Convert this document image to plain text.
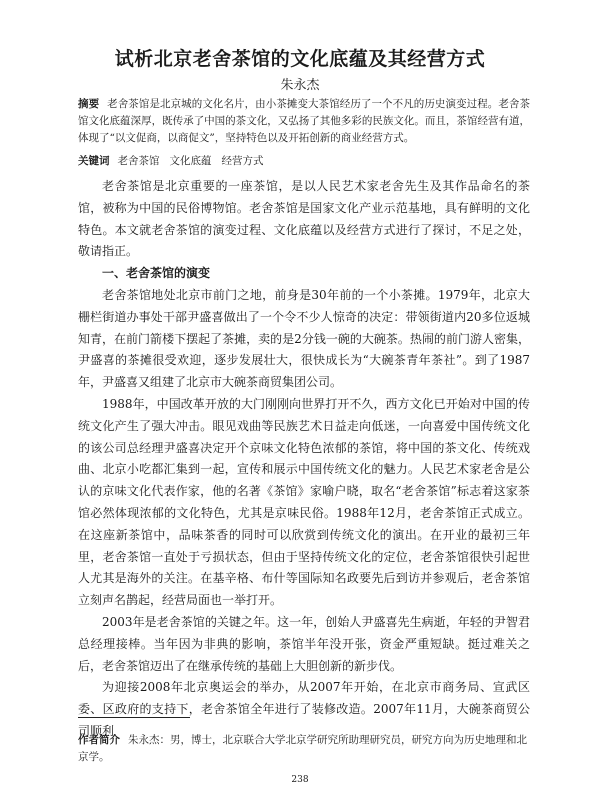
试析北京老舍茶馆的文化底蕴及其经营方式
朱永杰
摘要 老舍茶馆是北京城的文化名片，由小茶摊变大茶馆经历了一个不凡的历史演变过程。老舍茶馆文化底蕴深厚，既传承了中国的茶文化，又弘扬了其他多彩的民族文化。而且，茶馆经营有道，体现了“以文促商，以商促文”，坚持特色以及开拓创新的商业经营方式。
关键词 老舍茶馆 文化底蕴 经营方式

老舍茶馆是北京重要的一座茶馆，是以人民艺术家老舍先生及其作品命名的茶馆，被称为中国的民俗博物馆。老舍茶馆是国家文化产业示范基地，具有鲜明的文化特色。本文就老舍茶馆的演变过程、文化底蕴以及经营方式进行了探讨，不足之处，敬请指正。

一、老舍茶馆的演变

老舍茶馆地处北京市前门之地，前身是30年前的一个小茶摊。1979年，北京大栅栏街道办事处干部尹盛喜做出了一个令不少人惊奇的决定：带领街道内20多位返城知青，在前门箭楼下摆起了茶摊，卖的是2分钱一碗的大碗茶。热闹的前门游人密集，尹盛喜的茶摊很受欢迎，逐步发展壮大，很快成长为“大碗茶青年茶社”。到了1987年，尹盛喜又组建了北京市大碗茶商贸集团公司。

1988年，中国改革开放的大门刚刚向世界打开不久，西方文化已开始对中国的传统文化产生了强大冲击。眼见戏曲等民族艺术日益走向低迷，一向喜爱中国传统文化的该公司总经理尹盛喜决定开个京味文化特色浓郁的茶馆，将中国的茶文化、传统戏曲、北京小吃都汇集到一起，宣传和展示中国传统文化的魅力。人民艺术家老舍是公认的京味文化代表作家，他的名著《茶馆》家喻户晓，取名“老舍茶馆”标志着这家茶馆必然体现浓郁的文化特色，尤其是京味民俗。1988年12月，老舍茶馆正式成立。在这座新茶馆中，品味茶香的同时可以欣赏到传统文化的演出。在开业的最初三年里，老舍茶馆一直处于亏损状态，但由于坚持传统文化的定位，老舍茶馆很快引起世人尤其是海外的关注。在基辛格、布什等国际知名政要先后到访并参观后，老舍茶馆立刻声名鹊起，经营局面也一举打开。

2003年是老舍茶馆的关键之年。这一年，创始人尹盛喜先生病逝，年轻的尹智君总经理接棒。当年因为非典的影响，茶馆半年没开张，资金严重短缺。挺过难关之后，老舍茶馆迈出了在继承传统的基础上大胆创新的新步伐。

为迎接2008年北京奥运会的举办，从2007年开始，在北京市商务局、宣武区委、区政府的支持下，老舍茶馆全年进行了装修改造。2007年11月，大碗茶商贸公司顺利

作者简介 朱永杰：男，博士，北京联合大学北京学研究所助理研究员，研究方向为历史地理和北京学。
238
